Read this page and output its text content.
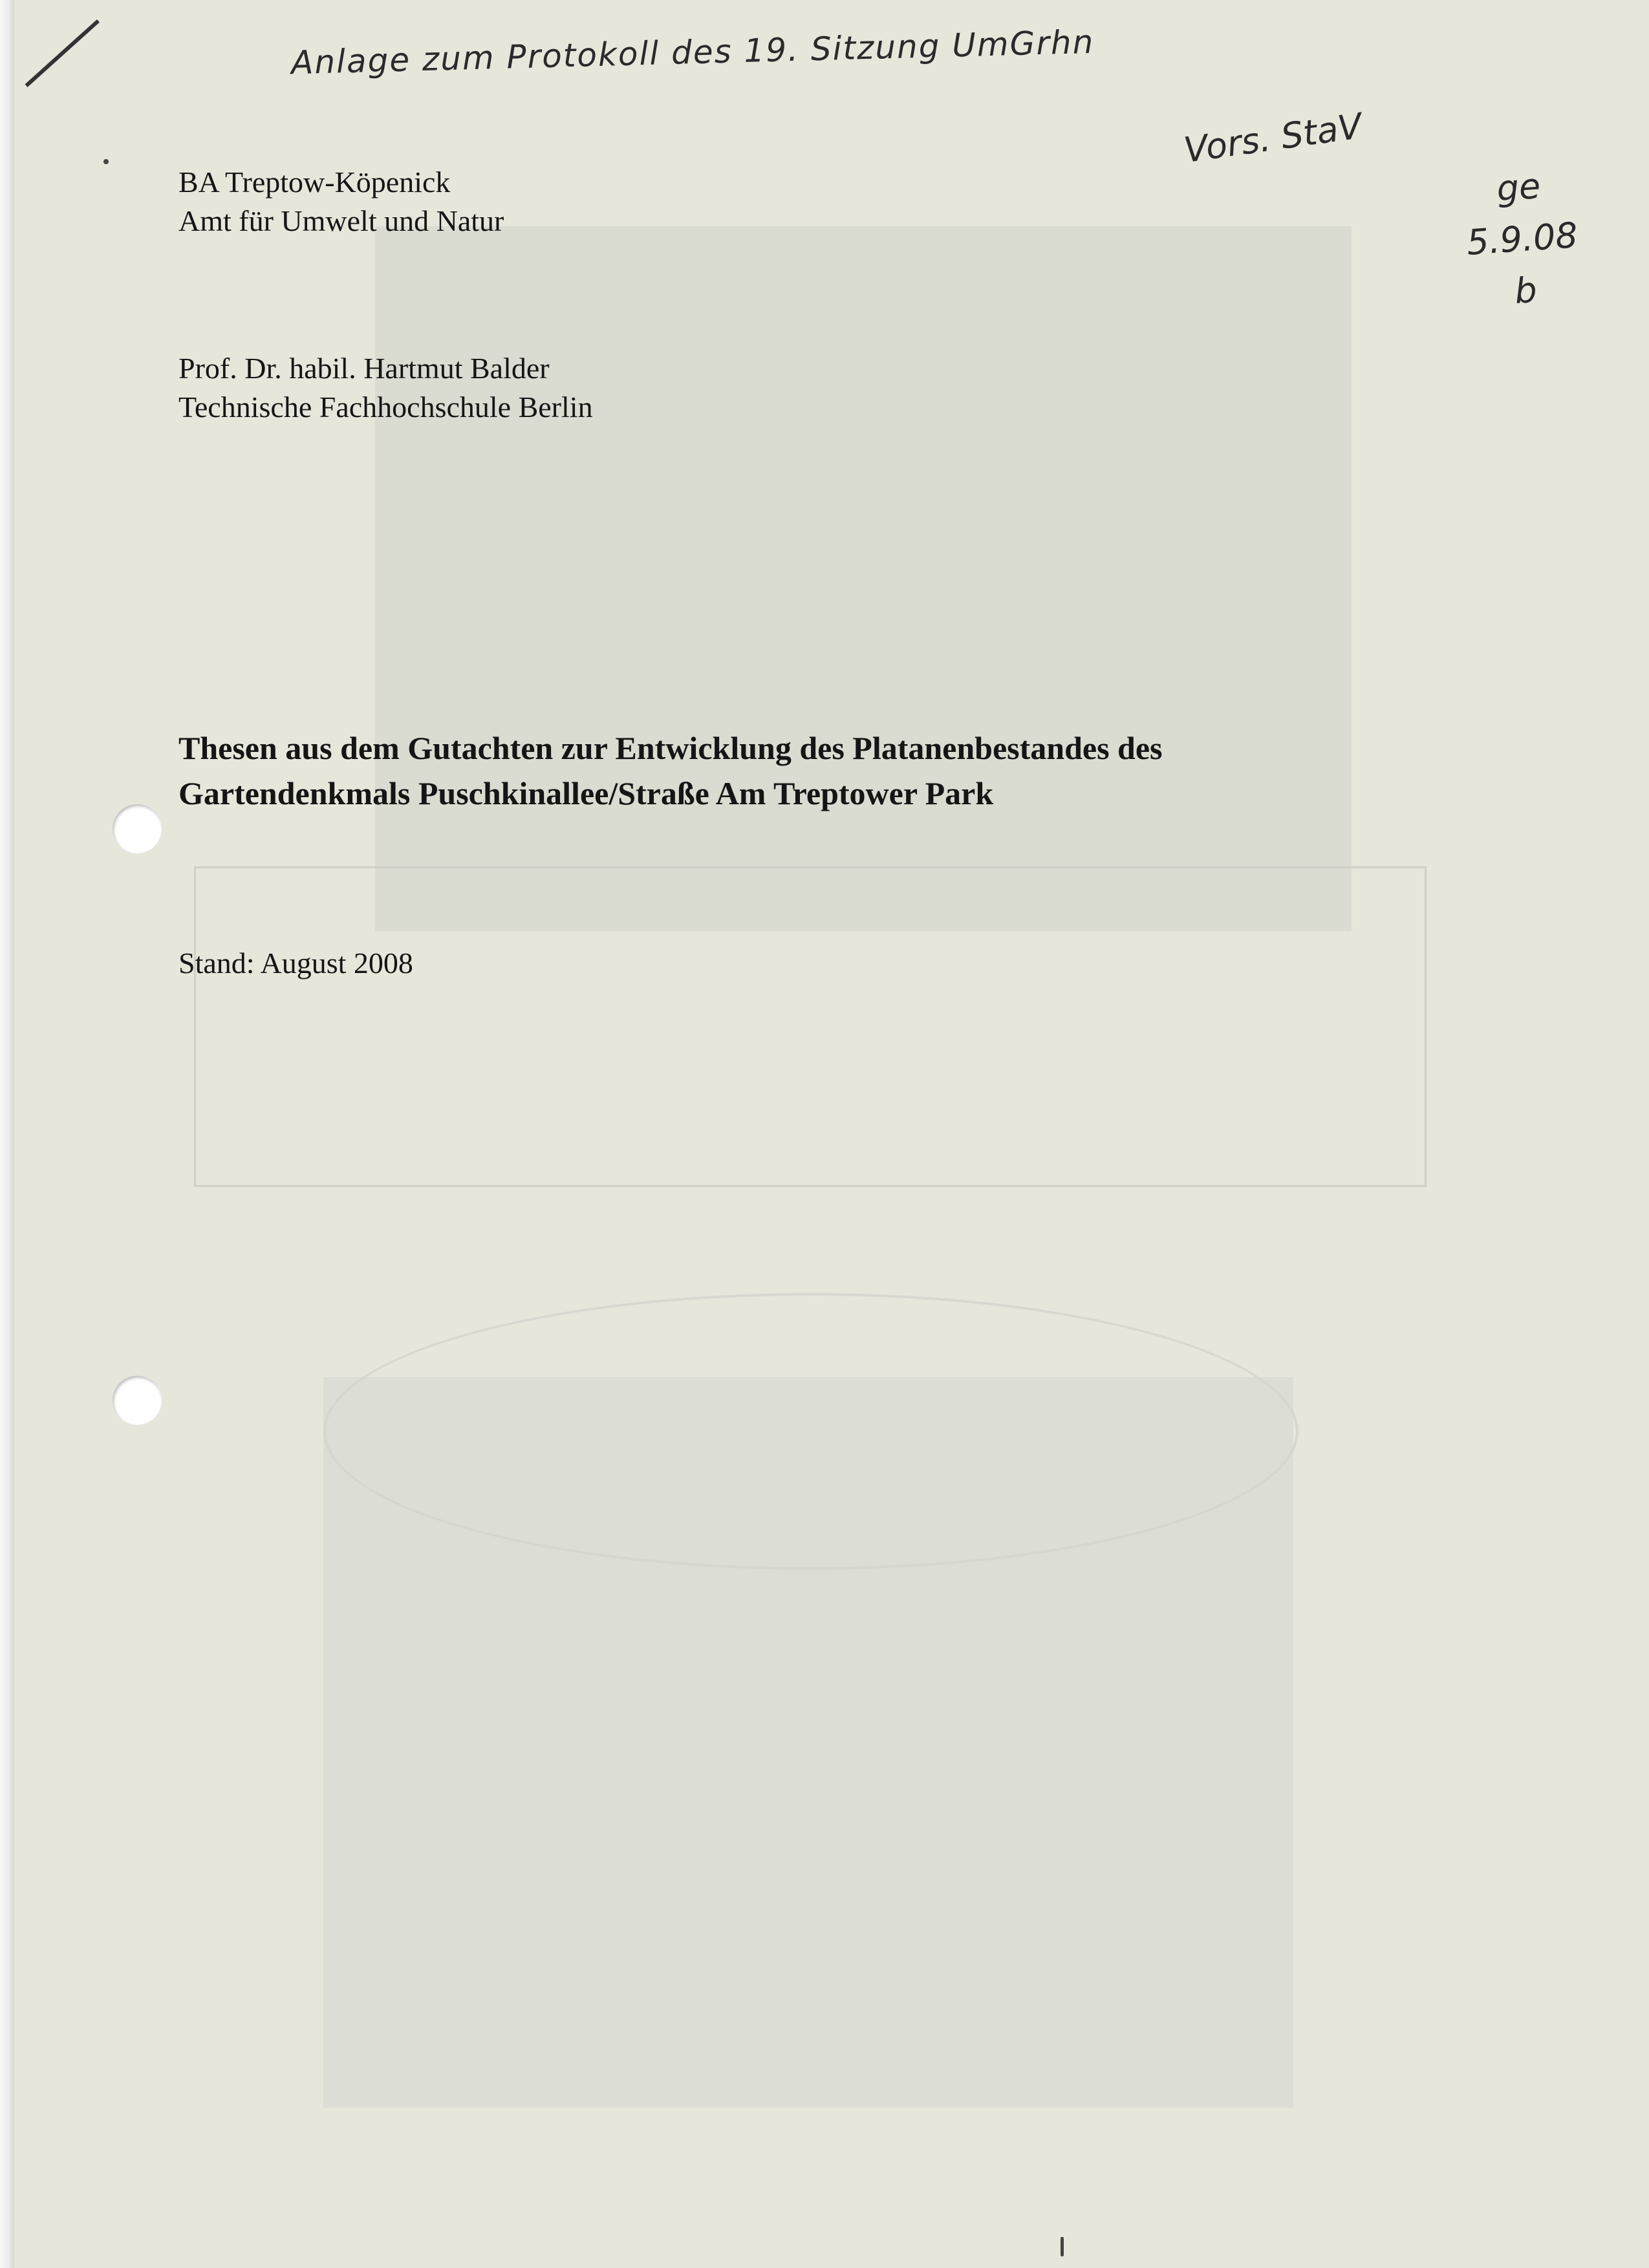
Anlage zum Protokoll des 19. Sitzung UmGrhn
Vors. StaV
ge
5.9.08
b
BA Treptow-Köpenick
Amt für Umwelt und Natur
Prof. Dr. habil. Hartmut Balder
Technische Fachhochschule Berlin
Thesen aus dem Gutachten zur Entwicklung des Platanenbestandes des
Gartendenkmals Puschkinallee/Straße Am Treptower Park
Stand: August 2008
